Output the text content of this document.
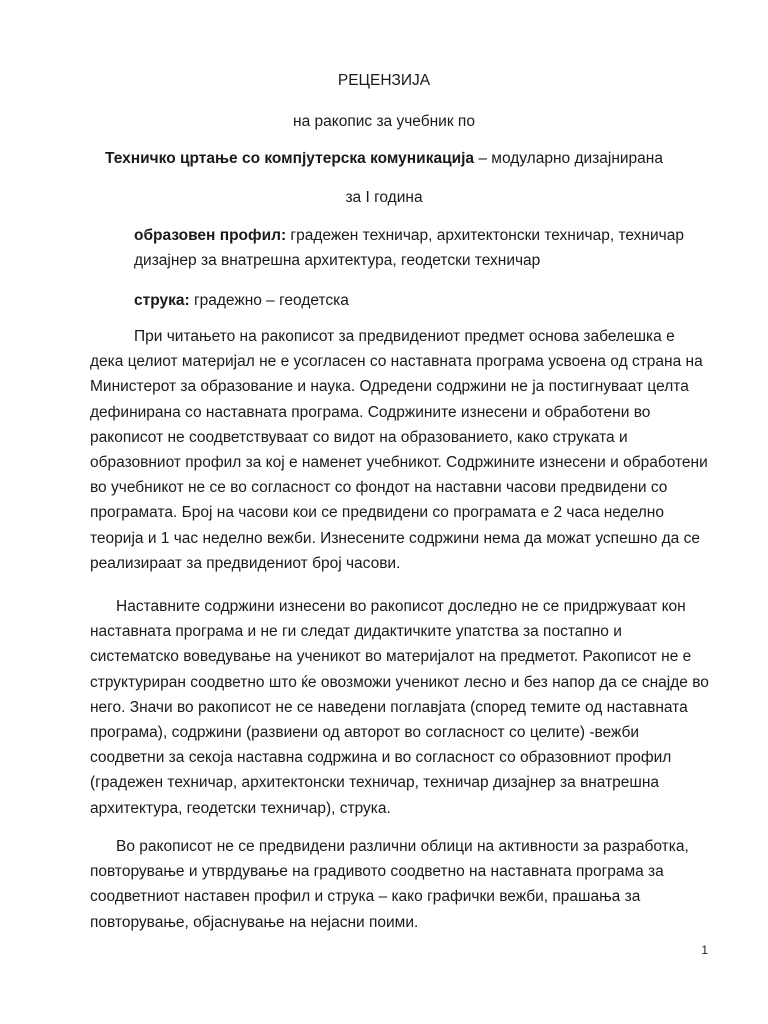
РЕЦЕНЗИЈА
на ракопис за учебник по
Техничко цртање со компјутерска комуникација – модуларно дизајнирана
за I година
образовен профил: градежен техничар, архитектонски техничар, техничар дизајнер за внатрешна архитектура, геодетски техничар
струка: градежно – геодетска

При читањето на ракописот за предвидениот предмет основа забелешка е дека целиот материјал не е усогласен со наставната програма усвоена од страна на Министерот за образование и наука. Одредени содржини не ја постигнуваат целта дефинирана со наставната програма. Содржините изнесени и обработени во ракописот не соодветствуваат со видот на образованието, како струката и образовниот профил за кој е наменет учебникот. Содржините изнесени и обработени во учебникот не се во согласност со фондот на наставни часови предвидени со програмата. Број на часови кои се предвидени со програмата е 2 часа неделно теорија и 1 час неделно вежби. Изнесените содржини нема да можат успешно да се реализираат за предвидениот број часови.

Наставните содржини изнесени во ракописот доследно не се придржуваат кон наставната програма и не ги следат дидактичките упатства за постапно и систематско воведување на ученикот во материјалот на предметот. Ракописот не е структуриран соодветно што ќе овозможи ученикот лесно и без напор да се снајде во него. Значи во ракописот не се наведени поглавјата (според темите од наставната програма), содржини (развиени од авторот во согласност со целите) -вежби соодветни за секоја наставна содржина и во согласност со образовниот профил (градежен техничар, архитектонски техничар, техничар дизајнер за внатрешна архитектура, геодетски техничар), струка.

Во ракописот не се предвидени различни облици на активности за разработка, повторување и утврдување на градивото соодветно на наставната програма за соодветниот наставен профил и струка – како графички вежби, прашања за повторување, објаснување на нејасни поими.

1
